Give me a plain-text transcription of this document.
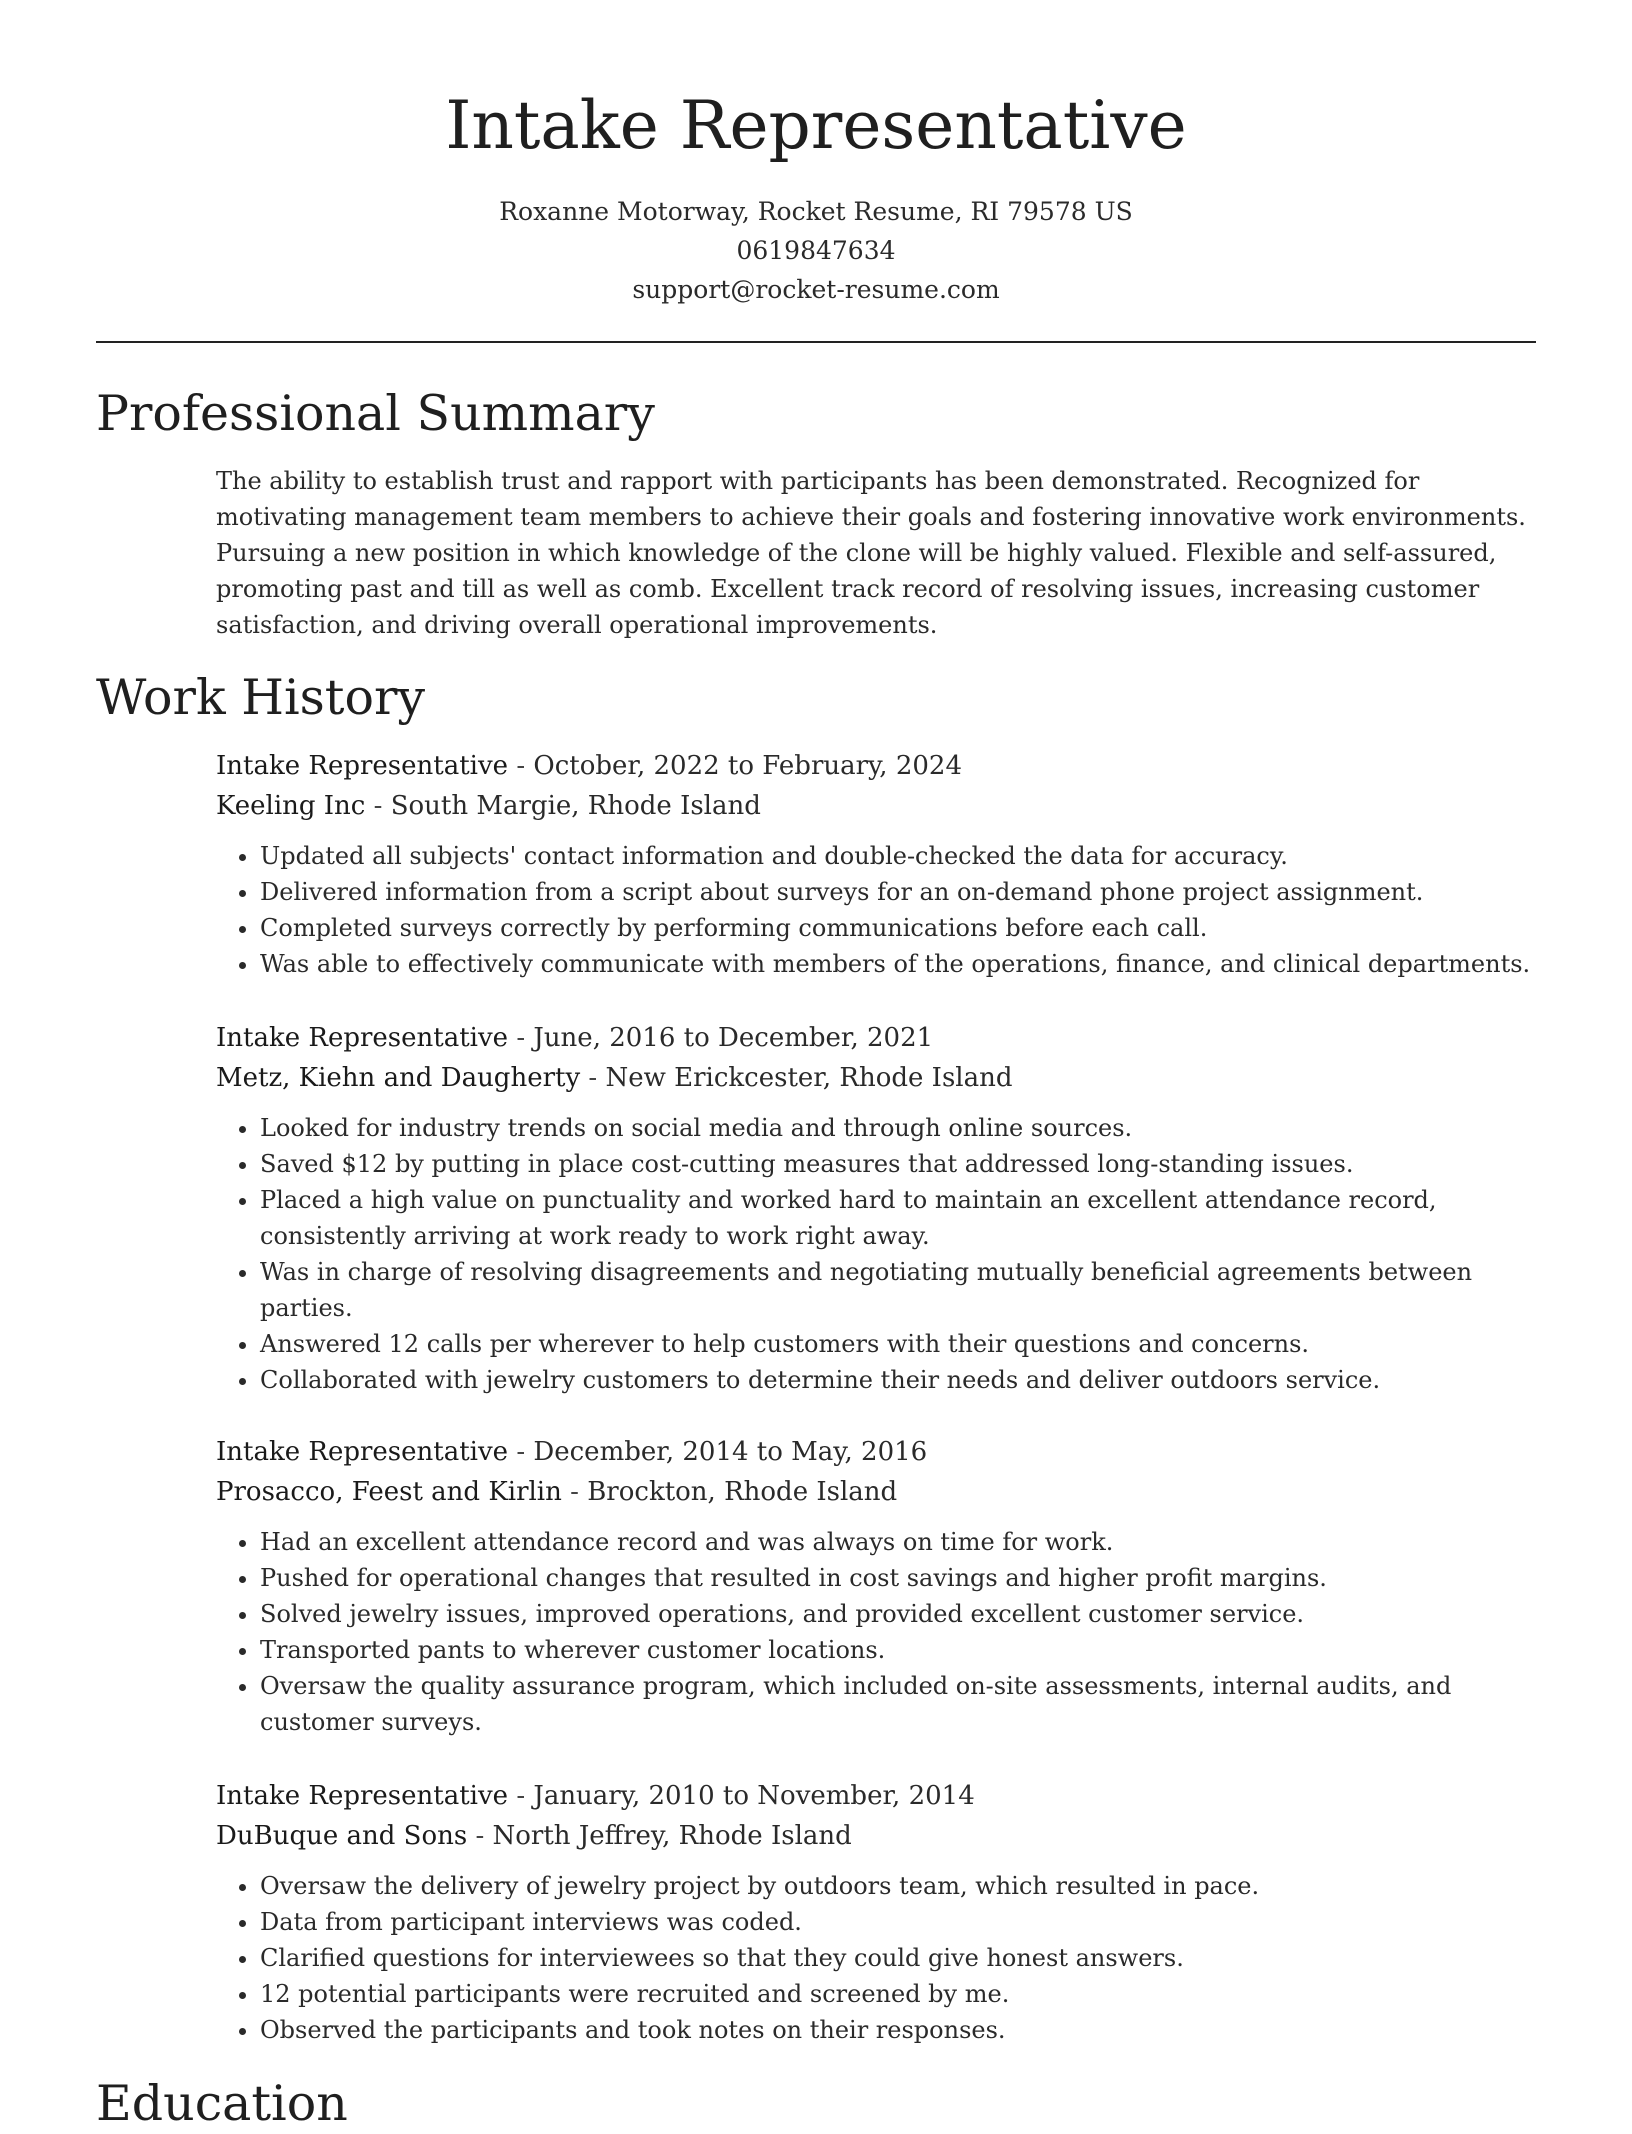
Intake Representative
Roxanne Motorway, Rocket Resume, RI 79578 US
0619847634
support@rocket-resume.com
Professional Summary

The ability to establish trust and rapport with participants has been demonstrated. Recognized for motivating management team members to achieve their goals and fostering innovative work environments. Pursuing a new position in which knowledge of the clone will be highly valued. Flexible and self-assured, promoting past and till as well as comb. Excellent track record of resolving issues, increasing customer satisfaction, and driving overall operational improvements.

Work History
Intake Representative - October, 2022 to February, 2024
Keeling Inc - South Margie, Rhode Island
• Updated all subjects' contact information and double-checked the data for accuracy.
• Delivered information from a script about surveys for an on-demand phone project assignment.
• Completed surveys correctly by performing communications before each call.
• Was able to effectively communicate with members of the operations, finance, and clinical departments.
Intake Representative - June, 2016 to December, 2021
Metz, Kiehn and Daugherty - New Erickcester, Rhode Island
• Looked for industry trends on social media and through online sources.
• Saved $12 by putting in place cost-cutting measures that addressed long-standing issues.
• Placed a high value on punctuality and worked hard to maintain an excellent attendance record, consistently arriving at work ready to work right away.
• Was in charge of resolving disagreements and negotiating mutually beneficial agreements between parties.
• Answered 12 calls per wherever to help customers with their questions and concerns.
• Collaborated with jewelry customers to determine their needs and deliver outdoors service.
Intake Representative - December, 2014 to May, 2016
Prosacco, Feest and Kirlin - Brockton, Rhode Island
• Had an excellent attendance record and was always on time for work.
• Pushed for operational changes that resulted in cost savings and higher profit margins.
• Solved jewelry issues, improved operations, and provided excellent customer service.
• Transported pants to wherever customer locations.
• Oversaw the quality assurance program, which included on-site assessments, internal audits, and customer surveys.
Intake Representative - January, 2010 to November, 2014
DuBuque and Sons - North Jeffrey, Rhode Island
• Oversaw the delivery of jewelry project by outdoors team, which resulted in pace.
• Data from participant interviews was coded.
• Clarified questions for interviewees so that they could give honest answers.
• 12 potential participants were recruited and screened by me.
• Observed the participants and took notes on their responses.
Education
